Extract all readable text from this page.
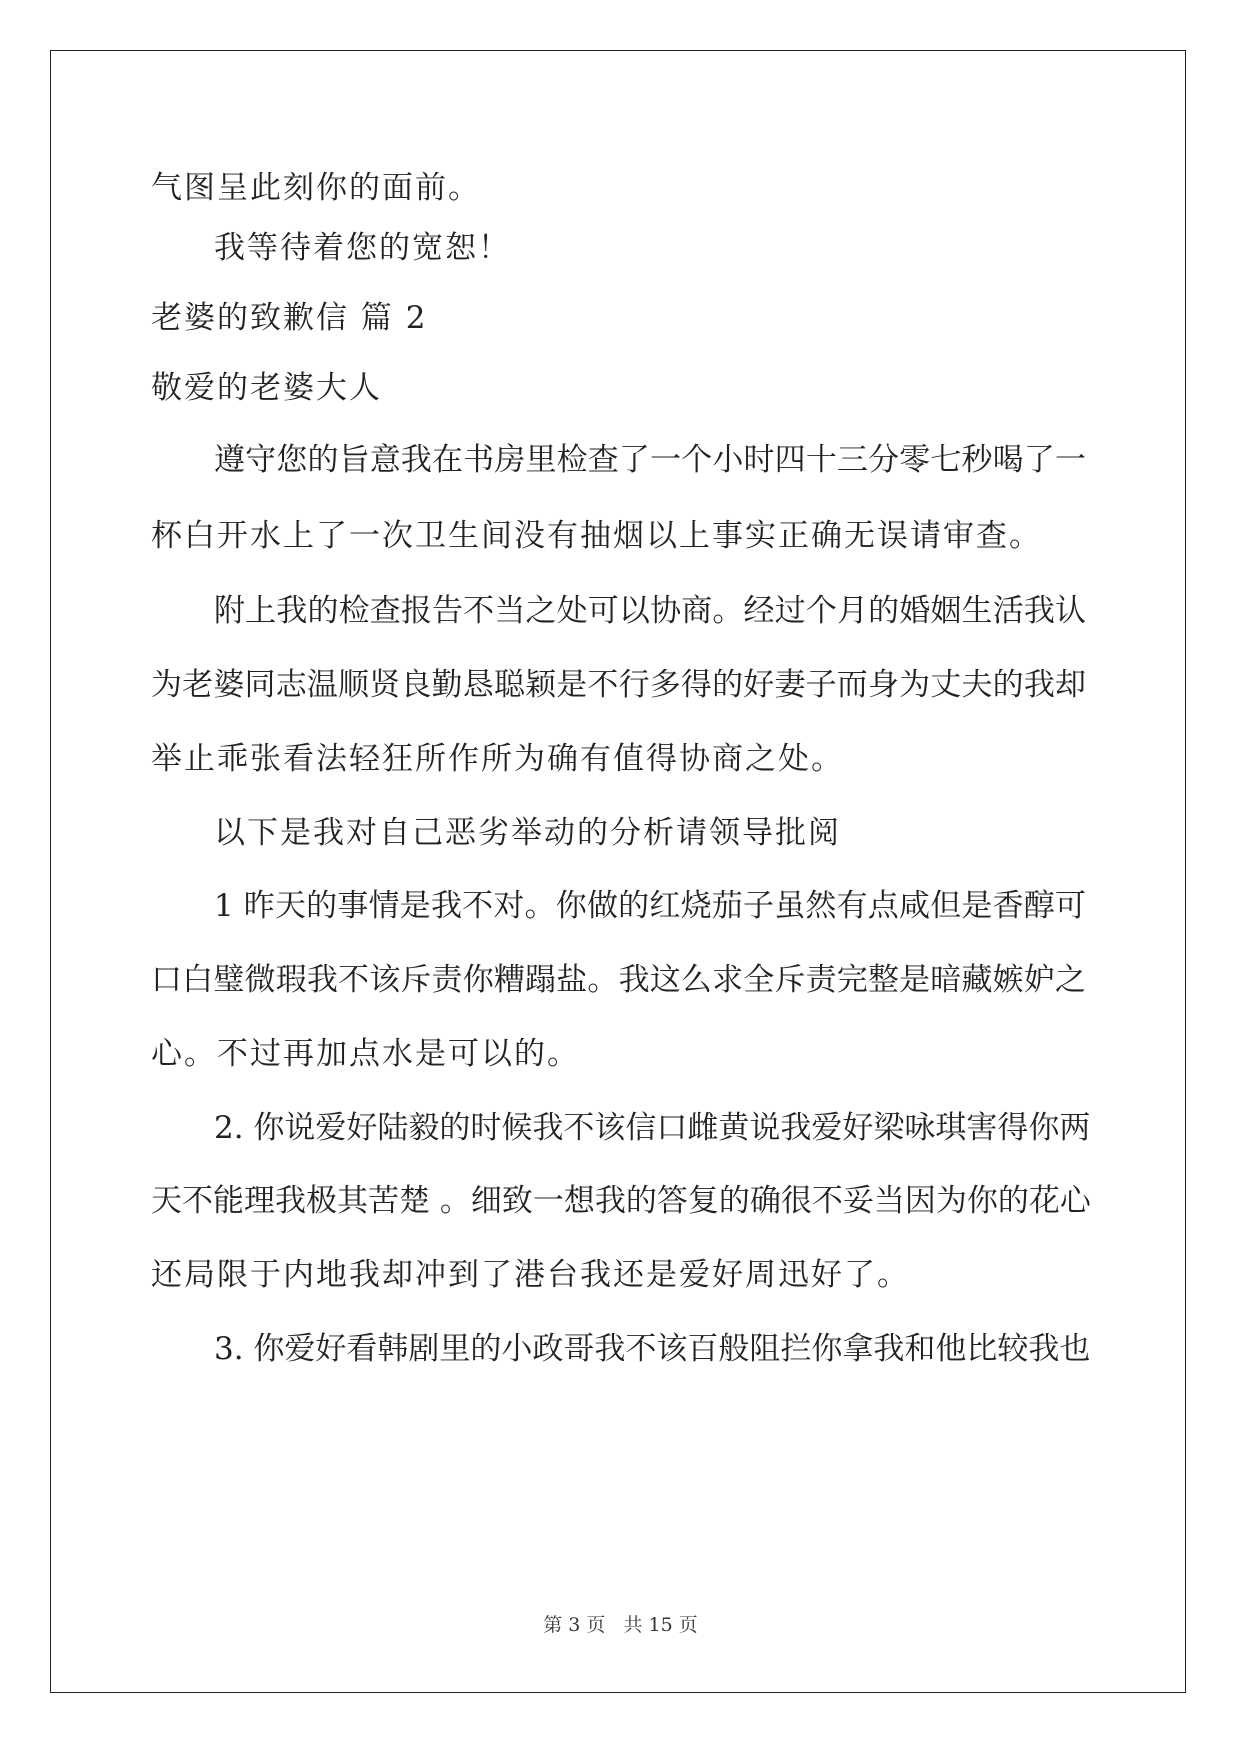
气图呈此刻你的面前。
我等待着您的宽恕！
老婆的致歉信 篇 2
敬爱的老婆大人
遵守您的旨意我在书房里检查了一个小时四十三分零七秒喝了一
杯白开水上了一次卫生间没有抽烟以上事实正确无误请审查。
附上我的检查报告不当之处可以协商。经过个月的婚姻生活我认
为老婆同志温顺贤良勤恳聪颖是不行多得的好妻子而身为丈夫的我却
举止乖张看法轻狂所作所为确有值得协商之处。
以下是我对自己恶劣举动的分析请领导批阅
1 昨天的事情是我不对。你做的红烧茄子虽然有点咸但是香醇可
口白璧微瑕我不该斥责你糟蹋盐。我这么求全斥责完整是暗藏嫉妒之
心。不过再加点水是可以的。
2. 你说爱好陆毅的时候我不该信口雌黄说我爱好梁咏琪害得你两
天不能理我极其苦楚 。细致一想我的答复的确很不妥当因为你的花心
还局限于内地我却冲到了港台我还是爱好周迅好了。
3. 你爱好看韩剧里的小政哥我不该百般阻拦你拿我和他比较我也
第 3 页 共 15 页
